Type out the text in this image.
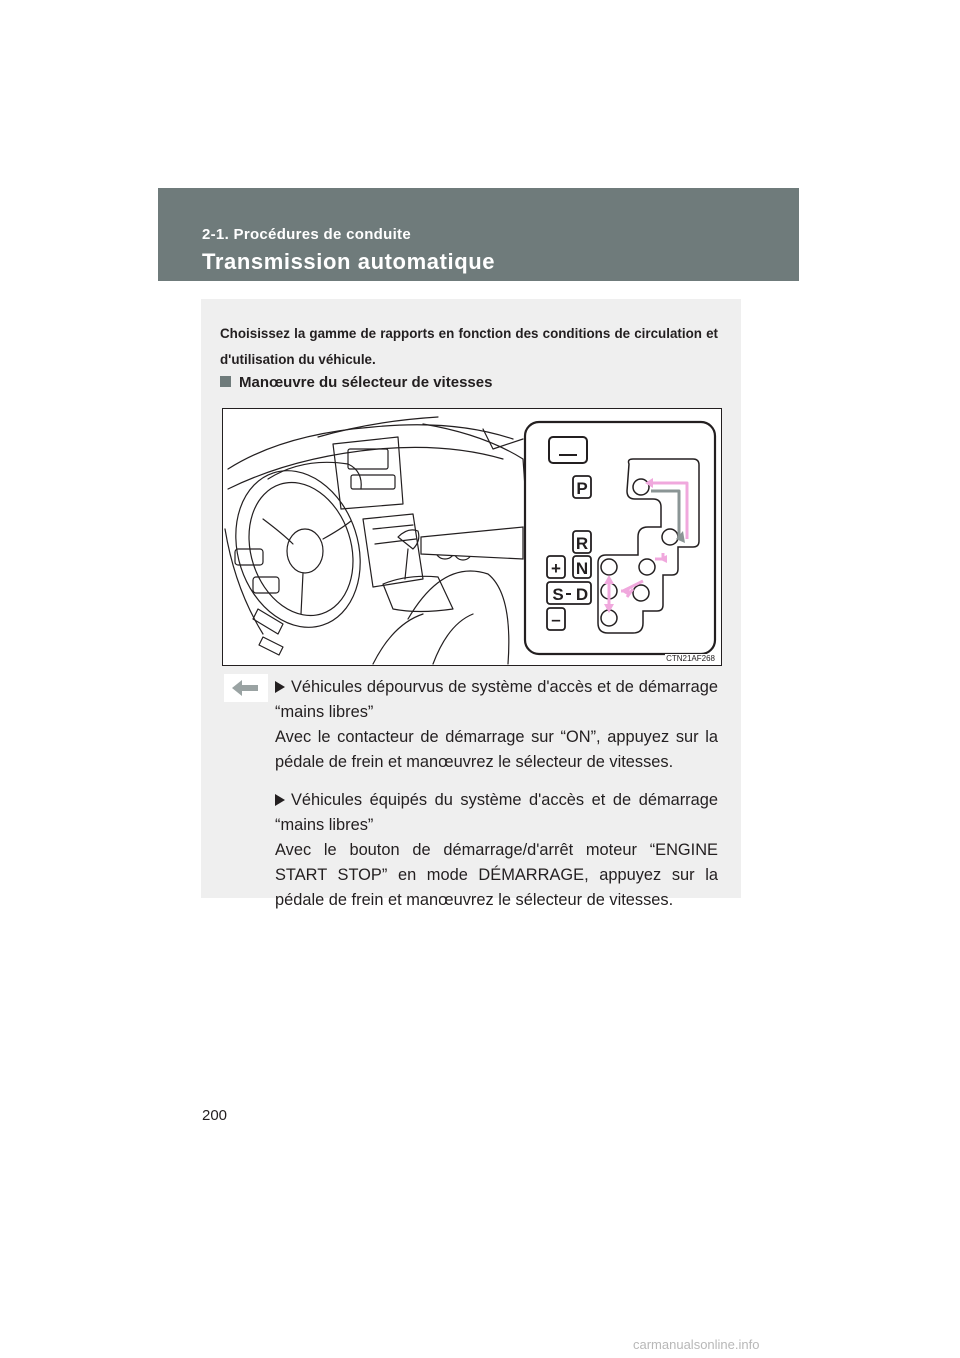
2-1. Procédures de conduite
Transmission automatique
Choisissez la gamme de rapports en fonction des conditions de circulation et d'utilisation du véhicule.
Manœuvre du sélecteur de vitesses
P
R
N
+
S D
–
CTN21AF268

Véhicules dépourvus de système d'accès et de démarrage “mains libres”

Avec le contacteur de démarrage sur “ON”, appuyez sur la pédale de frein et manœuvrez le sélecteur de vitesses.

Véhicules équipés du système d'accès et de démarrage “mains libres”

Avec le bouton de démarrage/d'arrêt moteur “ENGINE START STOP” en mode DÉMARRAGE, appuyez sur la pédale de frein et manœuvrez le sélecteur de vitesses.

200
carmanualsonline.info
